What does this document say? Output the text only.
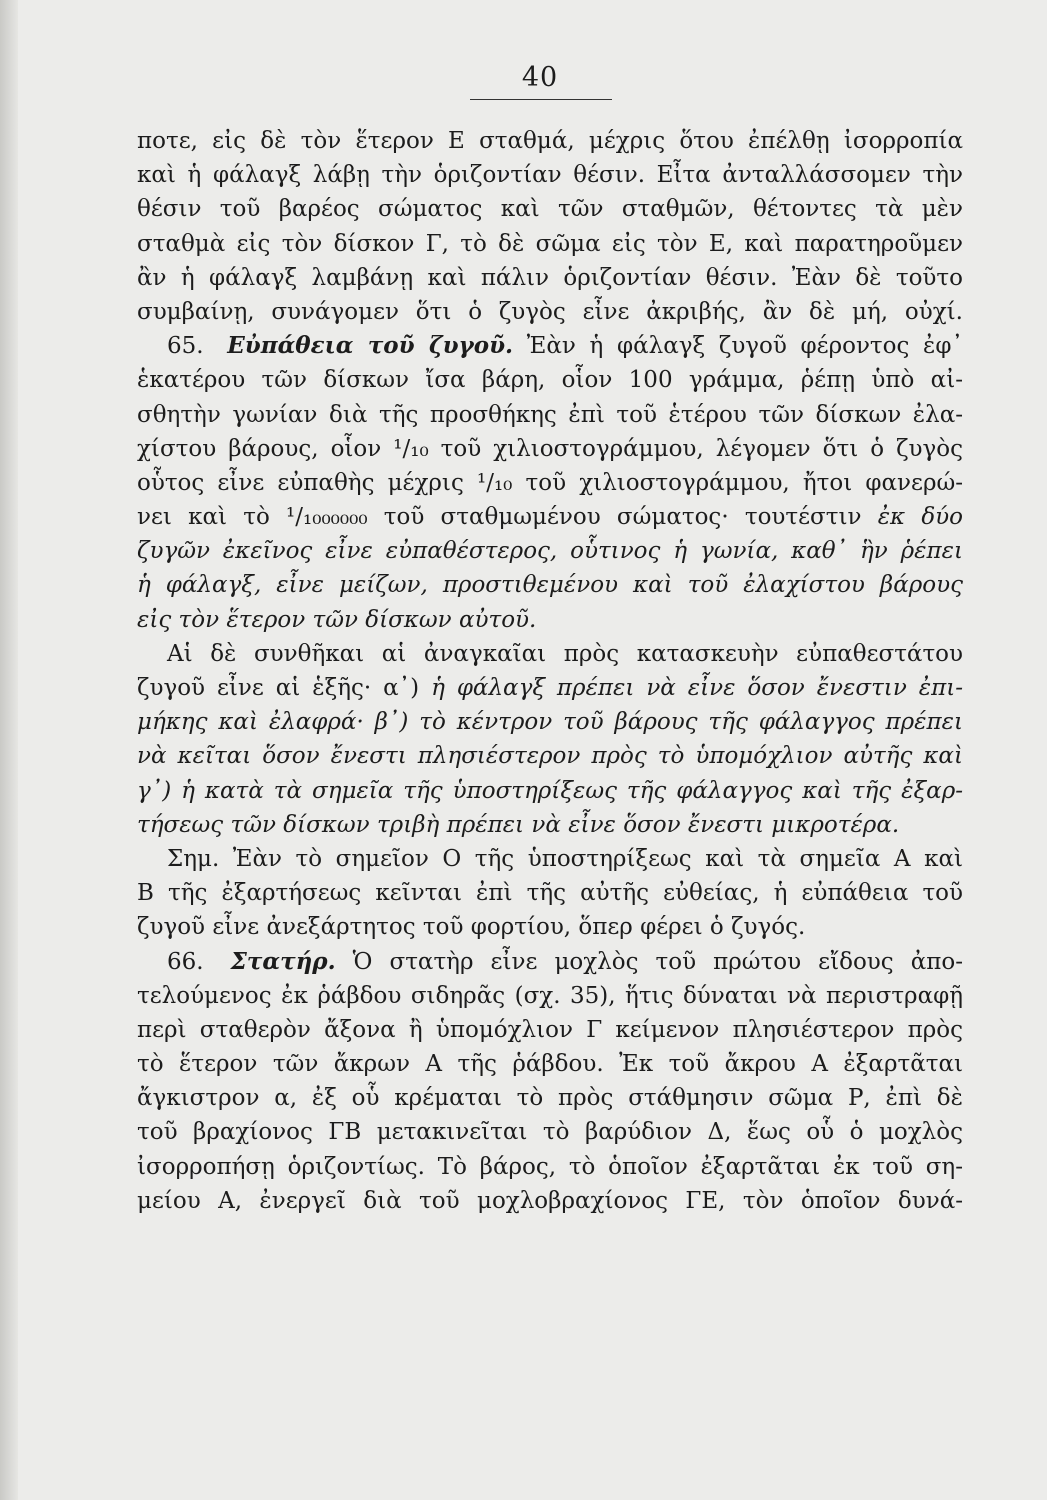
40
ποτε, εἰς δὲ τὸν ἕτερον Ε σταθμά, μέχρις ὅτου ἐπέλθῃ ἰσορροπία
καὶ ἡ φάλαγξ λάβῃ τὴν ὁριζοντίαν θέσιν. Εἶτα ἀνταλλάσσομεν τὴν
θέσιν τοῦ βαρέος σώματος καὶ τῶν σταθμῶν, θέτοντες τὰ μὲν
σταθμὰ εἰς τὸν δίσκον Γ, τὸ δὲ σῶμα εἰς τὸν Ε, καὶ παρατηροῦμεν
ἂν ἡ φάλαγξ λαμβάνῃ καὶ πάλιν ὁριζοντίαν θέσιν. Ἐὰν δὲ τοῦτο
συμβαίνῃ, συνάγομεν ὅτι ὁ ζυγὸς εἶνε ἀκριβής, ἂν δὲ μή, οὐχί.
65. Εὐπάθεια τοῦ ζυγοῦ. Ἐὰν ἡ φάλαγξ ζυγοῦ φέροντος ἐφ᾽
ἑκατέρου τῶν δίσκων ἴσα βάρη, οἷον 100 γράμμα, ῥέπῃ ὑπὸ αἰ-
σθητὴν γωνίαν διὰ τῆς προσθήκης ἐπὶ τοῦ ἑτέρου τῶν δίσκων ἐλα-
χίστου βάρους, οἷον ¹/₁₀ τοῦ χιλιοστογράμμου, λέγομεν ὅτι ὁ ζυγὸς
οὗτος εἶνε εὐπαθὴς μέχρις ¹/₁₀ τοῦ χιλιοστογράμμου, ἤτοι φανερώ-
νει καὶ τὸ ¹/₁₀₀₀₀₀₀ τοῦ σταθμωμένου σώματος· τουτέστιν ἐκ δύο
ζυγῶν ἐκεῖνος εἶνε εὐπαθέστερος, οὗτινος ἡ γωνία, καθ᾽ ἣν ῥέπει
ἡ φάλαγξ, εἶνε μείζων, προστιθεμένου καὶ τοῦ ἐλαχίστου βάρους
εἰς τὸν ἕτερον τῶν δίσκων αὐτοῦ.
Αἱ δὲ συνθῆκαι αἱ ἀναγκαῖαι πρὸς κατασκευὴν εὐπαθεστάτου
ζυγοῦ εἶνε αἱ ἑξῆς· α᾽) ἡ φάλαγξ πρέπει νὰ εἶνε ὅσον ἔνεστιν ἐπι-
μήκης καὶ ἐλαφρά· β᾽) τὸ κέντρον τοῦ βάρους τῆς φάλαγγος πρέπει
νὰ κεῖται ὅσον ἔνεστι πλησιέστερον πρὸς τὸ ὑπομόχλιον αὐτῆς καὶ
γ᾽) ἡ κατὰ τὰ σημεῖα τῆς ὑποστηρίξεως τῆς φάλαγγος καὶ τῆς ἐξαρ-
τήσεως τῶν δίσκων τριβὴ πρέπει νὰ εἶνε ὅσον ἔνεστι μικροτέρα.
Σημ. Ἐὰν τὸ σημεῖον Ο τῆς ὑποστηρίξεως καὶ τὰ σημεῖα Α καὶ
Β τῆς ἐξαρτήσεως κεῖνται ἐπὶ τῆς αὐτῆς εὐθείας, ἡ εὐπάθεια τοῦ
ζυγοῦ εἶνε ἀνεξάρτητος τοῦ φορτίου, ὅπερ φέρει ὁ ζυγός.
66. Στατήρ. Ὁ στατὴρ εἶνε μοχλὸς τοῦ πρώτου εἴδους ἀπο-
τελούμενος ἐκ ῥάβδου σιδηρᾶς (σχ. 35), ἥτις δύναται νὰ περιστραφῇ
περὶ σταθερὸν ἄξονα ἢ ὑπομόχλιον Γ κείμενον πλησιέστερον πρὸς
τὸ ἕτερον τῶν ἄκρων Α τῆς ῥάβδου. Ἐκ τοῦ ἄκρου Α ἐξαρτᾶται
ἄγκιστρον α, ἐξ οὗ κρέμαται τὸ πρὸς στάθμησιν σῶμα Ρ, ἐπὶ δὲ
τοῦ βραχίονος ΓΒ μετακινεῖται τὸ βαρύδιον Δ, ἕως οὗ ὁ μοχλὸς
ἰσορροπήσῃ ὁριζοντίως. Τὸ βάρος, τὸ ὁποῖον ἐξαρτᾶται ἐκ τοῦ ση-
μείου Α, ἐνεργεῖ διὰ τοῦ μοχλοβραχίονος ΓΕ, τὸν ὁποῖον δυνά-
